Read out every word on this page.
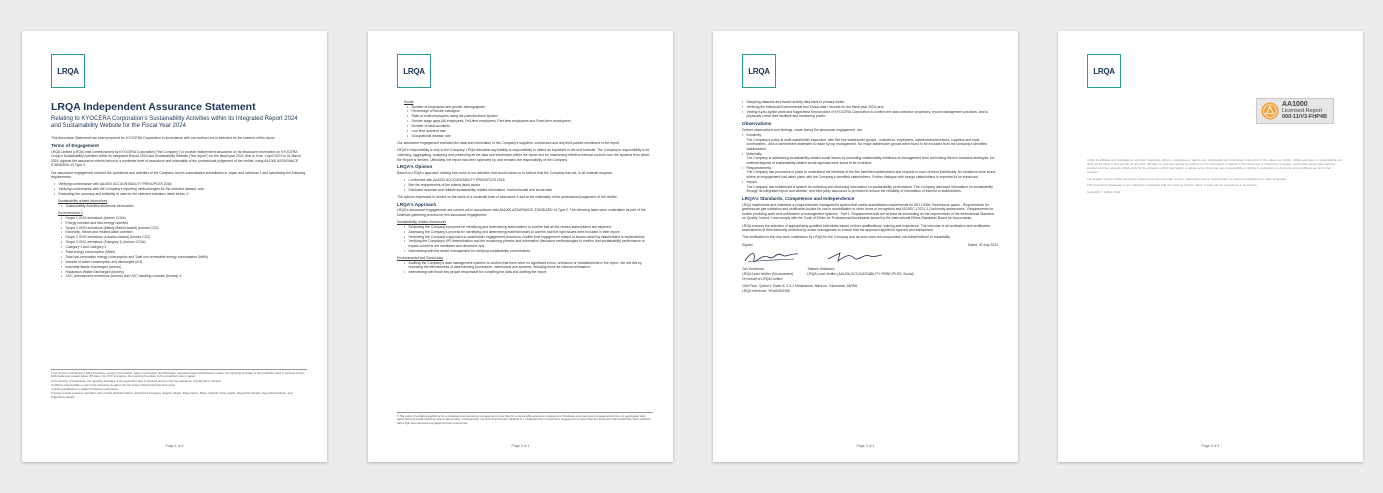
LRQA
LRQA Independent Assurance Statement
Relating to KYOCERA Corporation's Sustainability Activities within its Integrated Report 2024 and Sustainability Website for the Fiscal Year 2024

This Assurance Statement has been prepared for KYOCERA Corporation in accordance with our contract but is intended for the readers of this report.

Terms of Engagement

LRQA Limited (LRQA) was commissioned by KYOCERA Corporation ("the Company") to provide independent assurance on its disclosure information on KYOCERA Group's Sustainability Activities within its Integrated Report 2024 and Sustainability Website ("the report") for the fiscal year 2024, that is, from 1 April 2023 to 31 March 2024, against the assurance criteria below to a moderate level of assurance and materiality of the professional judgement of the verifier, using AA1000 ASSURANCE STANDARD v3 Type 2.

Our assurance engagement covered the operations and activities of the Company and its consolidated subsidiaries in Japan and overseas 1 and specifically the following requirements:

• Verifying conformance with AA1000 ACCOUNTABILITY PRINCIPLES 2018;
• Verifying conformance with the Company's reporting methodologies for the selected dataset; and
• Evaluating the accuracy and reliability of data for the selected indicators listed below: 2
Sustainability related disclosures
• Sustainability Activities disclosure information
Environmental 3
• Scope 1 GHG emissions (tonnes CO2e)
• Energy oriented and Non-energy oriented
• Scope 2 GHG emissions (Mainly Market-based) (tonnes CO2)
• Electricity, Steam and Heated water oriented
• Scope 2 GHG emissions (Location-based) (tonnes CO2)
• Scope 3 GHG emissions (Category 1) (tonnes CO2e)
• Category 1 and Category 3
• Total energy consumption (MWh)
• Total non-renewable energy consumption and Total non-renewable energy consumption (MWh)
• Amount of water consumption and discharges (m3)
• Industrial Waste Discharged (tonnes)
• Hazardous Waste Discharged (tonnes)
• VOC (atmospheric emissions (tonnes) and VOC handling volumes (tonnes) 4

1 For Scope 1 and Scope 2 GHG emissions, energy consumption, water consumption and discharge, industrial waste and hazardous waste, the reporting boundary is the production sites in Kyocera Group both inside and outside Japan (56 sites). For VOC emissions, the reporting boundary is the production sites in Japan.

2 For Number of employees, the reporting boundary is the production sites in Kyocera Group in the four academic, and literature oriented.

3 LRQA's responsibility is only to the Company. Its data is for the scope of Environmental and social.

4 GHG quantification is subject to inherent uncertainty.

5 Scope 3 GHG emissions specified sites include Hokkaido Kitami, Fukushima Koriyama, Nagano Okaya, Shiga Gamo, Shiga Yokaichi, Kyoto Ayabe, Kagoshima Sendai, Kagoshima Kokubu, and Kagoshima Hayato.

Page 1 of 4
LRQA
Social
• Number of employees and gender demographics
• Percentage of female managers
• Ratio of male employees using the parental leave system
• Gender wage gaps (All employees, Full-time employees, Part-time employees and Fixed-term employees)
• Number of fatal accidents
• Lost time accident rate
• Occupational disease rate

Our assurance engagement excluded the data and information of the Company's suppliers, contractors and any third-parties mentioned in the report.

LRQA's responsibility is only to the Company. LRQA disclaims any liability or responsibility to others as explained in the end footnote. The Company's responsibility is for collecting, aggregating, analysing and presenting all the data and information within the report and for maintaining effective internal controls over the systems from which the Report is derived. Ultimately, the report has been approved by, and remains the responsibility of the Company.

LRQA's Opinion

Based on LRQA's approach nothing has come to our attention that would cause us to believe that the Company has not, in all material respects:

• Conformed with AA1000 ACCOUNTABILITY PRINCIPLES 2018
• Met the requirements of the criteria listed above
• Disclosed accurate and reliable sustainability related information, environmental and social data

The opinion expressed is formed on the basis of a moderate level of assurance 5 and at the materiality of the professional judgement of the verifier.

LRQA's Approach

LRQA's assurance engagements are carried out in accordance with AA1000 ASSURANCE STANDARD v3 Type 2. The following tasks were undertaken as part of the evidence gathering process for this assurance engagement:

Sustainability related disclosures
• Reviewing the Company's process for identifying and determining stakeholders to confirm that all the related stakeholders are captured;
• Assessing the Company's process for identifying and determining material issues to confirm that the right issues were included in their report;
• Reviewing the Company's approach to stakeholder engagement process to confirm that engagement related to issues raised by stakeholders is implemented;
• Verifying the Company's KPI determination and the monitoring process and information disclosure methodologies to confirm that sustainability performance to impact concerns are monitored and disclosed; and
• Interviewing with the senior management for verifying sustainability commitments.
Environmental and Social data
• Auditing the Company's data management systems to confirm that there were no significant errors, omissions or misstatements in the report. We did this by reviewing the effectiveness of data handling procedures, instructions and systems, including those for internal verification;
• Interviewing with those key people responsible for compiling the data and drafting the report;

5 The extent of evidence-gathering for a moderate level assurance engagement is less than for a reasonable assurance engagement. Moderate level assurance engagements focus on aggregated data rather than physically checking source data at sites. Consequently, the level of assurance obtained in a moderate level of assurance engagement is lower than the assurance that would have been obtained had a high level assurance engagement been performed.

Page 2 of 4
LRQA
• Sampling datasets and traced activity data back to primary levels;
• Verifying the historical Environmental and Social data / records for the fiscal year 2024; and
• Visiting Kyoto Ayabe plant and Kagoshima Sendai plant of KYOCERA Corporation to confirm the data collection processes, record management practices, and to physically check their facilities and monitoring points.
Observations

Further observations and findings, made during the assurance engagement, are:

• Inclusivity
The Company's policy is multi-stakeholder inspection, with five key stakeholder groups - customers, employees, shareholders/investors, suppliers and local communities - and a commitment statement is made by top management. No major stakeholder groups were found to be excluded from the company's identified stakeholders.
• Materiality
The Company is addressing sustainability-related social issues by promoting sustainability initiatives at management level and linking them to business strategies. No material aspects of sustainability-related social agendas were found to be excluded.
• Responsiveness
The Company has processes in place to understand the interests of the five identified stakeholders and respond to each of them individually. No situations were found where an engagement had taken place with the Company's identified stakeholders. Further dialogue with foreign stakeholders is expected to be enhanced.
• Impact
The Company has established a system for collecting and disclosing information on sustainability performance. The Company disclosed information on sustainability through its integrated report and website, and third party assurance is provided to ensure the reliability of information of interest to stakeholders.
LRQA's Standards, Competence and Independence

LRQA implements and maintains a comprehensive management system that meets accreditation requirements for ISO 14065 Greenhouse gases - Requirements for greenhouse gas validation and verification bodies for use in accreditation or other forms of recognition and ISO/IEC 17021-1 Conformity assessment - Requirements for bodies providing audit and certification of management systems - Part 1: Requirements that are at least as demanding as the requirements of the International Standard on Quality Control 1 and comply with the Code of Ethics for Professional Accountants issued by the International Ethics Standards Board for Accountants.

LRQA ensures the selection of appropriately qualified individuals based on their qualifications, training and experience. The outcome of all verification and certification assessments is then internally reviewed by senior management to ensure that the approach applied is rigorous and transparent.

This verification is the only work undertaken by LRQA for the Company and as such does not compromise our independence or impartiality.

Signed	Dated: 30 July 2024
Jun Yoshimoto
LRQA Lead Verifier (Environment)
On behalf of LRQA Limited
Takeshi Hidamura
LRQA Lead Verifier (AA1000 ACCOUNTABILITY PRINCIPLES, Social)

10th Floor, Queen's Tower A, 2-3-1 Minatomirai, Nishi-ku, Yokohama, JAPAN

LRQA reference: YKA00001396

Page 3 of 4
LRQA
AA1000
Licensed Report
000-11/V3-FHP4B

LRQA its affiliates and subsidiaries, and their respective officers, employees or agents are, individually and collectively, referred to in this clause as 'LRQA'. LRQA assumes no responsibility and shall not be liable to any person for any loss, damage or expense caused by reliance on the information or advice in this document or howsoever provided, unless that person has signed a contract with the relevant LRQA entity for the provision of this information or advice and in that case any responsibility or liability is exclusively on the terms and conditions set out in that contract.

The English version of this Assurance Statement is the only valid version. LRQA assumes no responsibility for versions translated into other languages.

This Assurance Statement is only valid when published with the report to which it refers. It may only be reproduced in its entirety.

Copyright © LRQA, 2024.

Page 4 of 4
